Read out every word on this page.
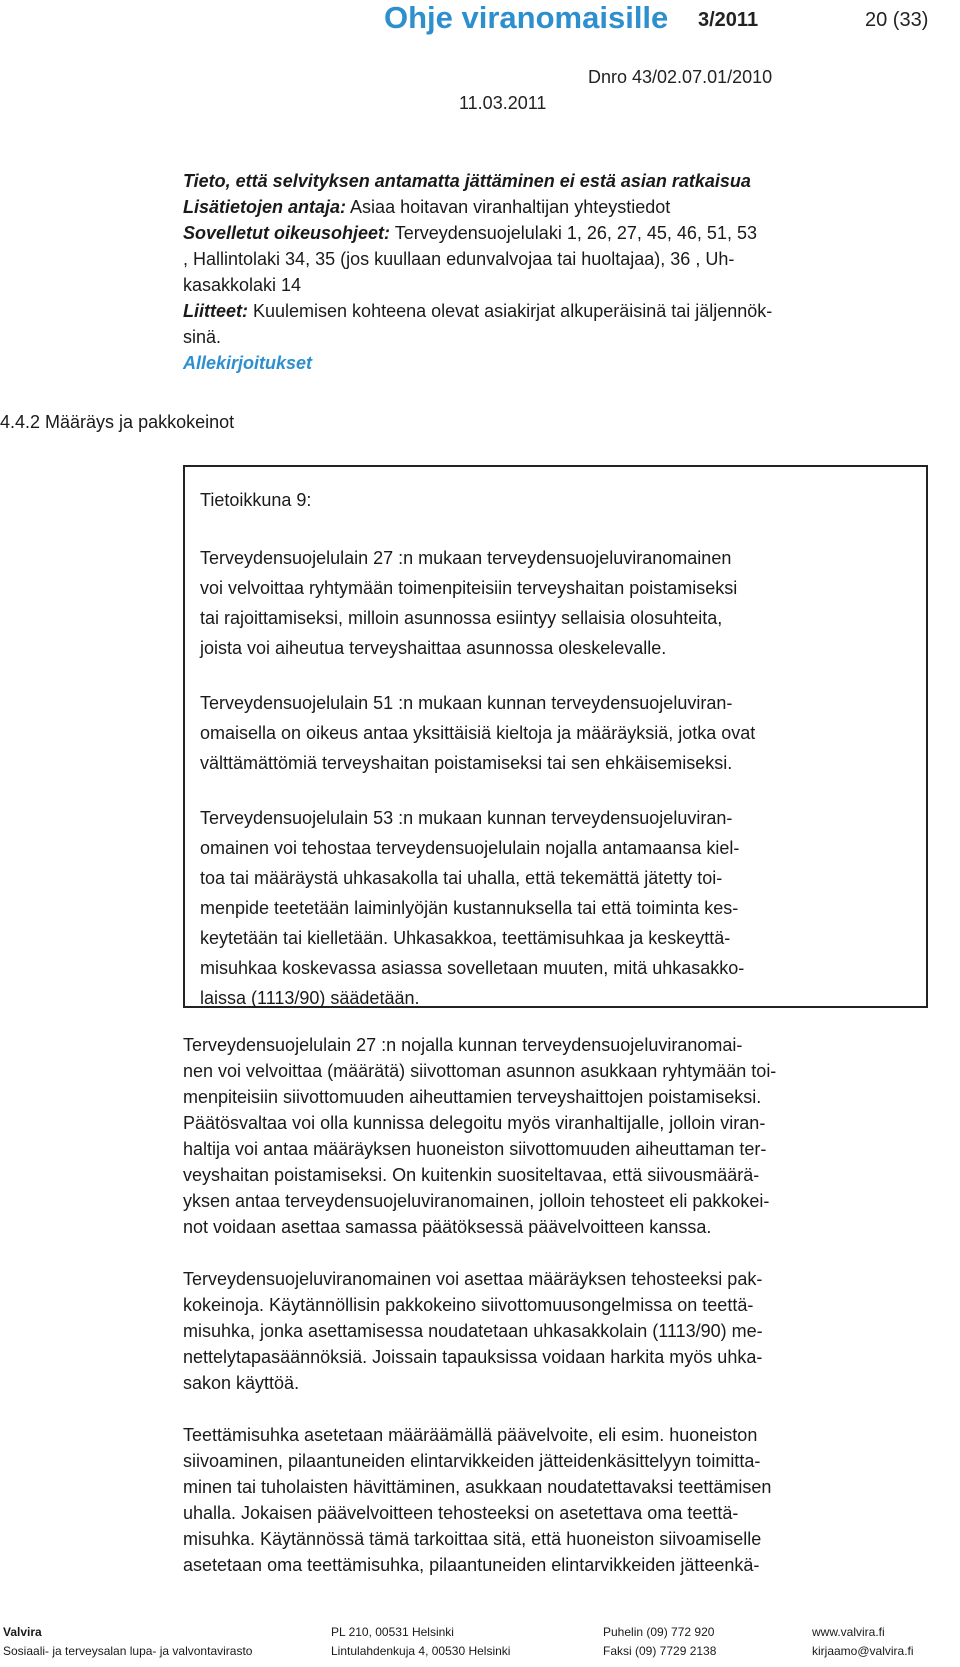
Ohje viranomaisille 3/2011	20 (33)
Dnro 43/02.07.01/2010
11.03.2011

Tieto, että selvityksen antamatta jättäminen ei estä asian ratkaisua

Lisätietojen antaja: Asiaa hoitavan viranhaltijan yhteystiedot

Sovelletut oikeusohjeet: Terveydensuojelulaki 1, 26, 27, 45, 46, 51, 53

, Hallintolaki 34, 35 (jos kuullaan edunvalvojaa tai huoltajaa), 36 , Uh-

kasakkolaki 14

Liitteet: Kuulemisen kohteena olevat asiakirjat alkuperäisinä tai jäljennök-

sinä.

Allekirjoitukset

4.4.2 Määräys ja pakkokeinot

Tietoikkuna 9:

Terveydensuojelulain 27 :n mukaan terveydensuojeluviranomainen

voi velvoittaa ryhtymään toimenpiteisiin terveyshaitan poistamiseksi

tai rajoittamiseksi, milloin asunnossa esiintyy sellaisia olosuhteita,

joista voi aiheutua terveyshaittaa asunnossa oleskelevalle.

Terveydensuojelulain 51 :n mukaan kunnan terveydensuojeluviran-

omaisella on oikeus antaa yksittäisiä kieltoja ja määräyksiä, jotka ovat

välttämättömiä terveyshaitan poistamiseksi tai sen ehkäisemiseksi.

Terveydensuojelulain 53 :n mukaan kunnan terveydensuojeluviran-

omainen voi tehostaa terveydensuojelulain nojalla antamaansa kiel-

toa tai määräystä uhkasakolla tai uhalla, että tekemättä jätetty toi-

menpide teetetään laiminlyöjän kustannuksella tai että toiminta kes-

keytetään tai kielletään. Uhkasakkoa, teettämisuhkaa ja keskeyttä-

misuhkaa koskevassa asiassa sovelletaan muuten, mitä uhkasakko-

laissa (1113/90) säädetään.

Terveydensuojelulain 27 :n nojalla kunnan terveydensuojeluviranomai-

nen voi velvoittaa (määrätä) siivottoman asunnon asukkaan ryhtymään toi-

menpiteisiin siivottomuuden aiheuttamien terveyshaittojen poistamiseksi.

Päätösvaltaa voi olla kunnissa delegoitu myös viranhaltijalle, jolloin viran-

haltija voi antaa määräyksen huoneiston siivottomuuden aiheuttaman ter-

veyshaitan poistamiseksi. On kuitenkin suositeltavaa, että siivousmäärä-

yksen antaa terveydensuojeluviranomainen, jolloin tehosteet eli pakkokei-

not voidaan asettaa samassa päätöksessä päävelvoitteen kanssa.

Terveydensuojeluviranomainen voi asettaa määräyksen tehosteeksi pak-

kokeinoja. Käytännöllisin pakkokeino siivottomuusongelmissa on teettä-

misuhka, jonka asettamisessa noudatetaan uhkasakkolain (1113/90) me-

nettelytapasäännöksiä. Joissain tapauksissa voidaan harkita myös uhka-

sakon käyttöä.

Teettämisuhka asetetaan määräämällä päävelvoite, eli esim. huoneiston

siivoaminen, pilaantuneiden elintarvikkeiden jätteidenkäsittelyyn toimitta-

minen tai tuholaisten hävittäminen, asukkaan noudatettavaksi teettämisen

uhalla. Jokaisen päävelvoitteen tehosteeksi on asetettava oma teettä-

misuhka. Käytännössä tämä tarkoittaa sitä, että huoneiston siivoamiselle

asetetaan oma teettämisuhka, pilaantuneiden elintarvikkeiden jätteenkä-

Valvira
Sosiaali- ja terveysalan lupa- ja valvontavirasto
PL 210, 00531 Helsinki
Lintulahdenkuja 4, 00530 Helsinki
Puhelin (09) 772 920
Faksi (09) 7729 2138
www.valvira.fi
kirjaamo@valvira.fi
